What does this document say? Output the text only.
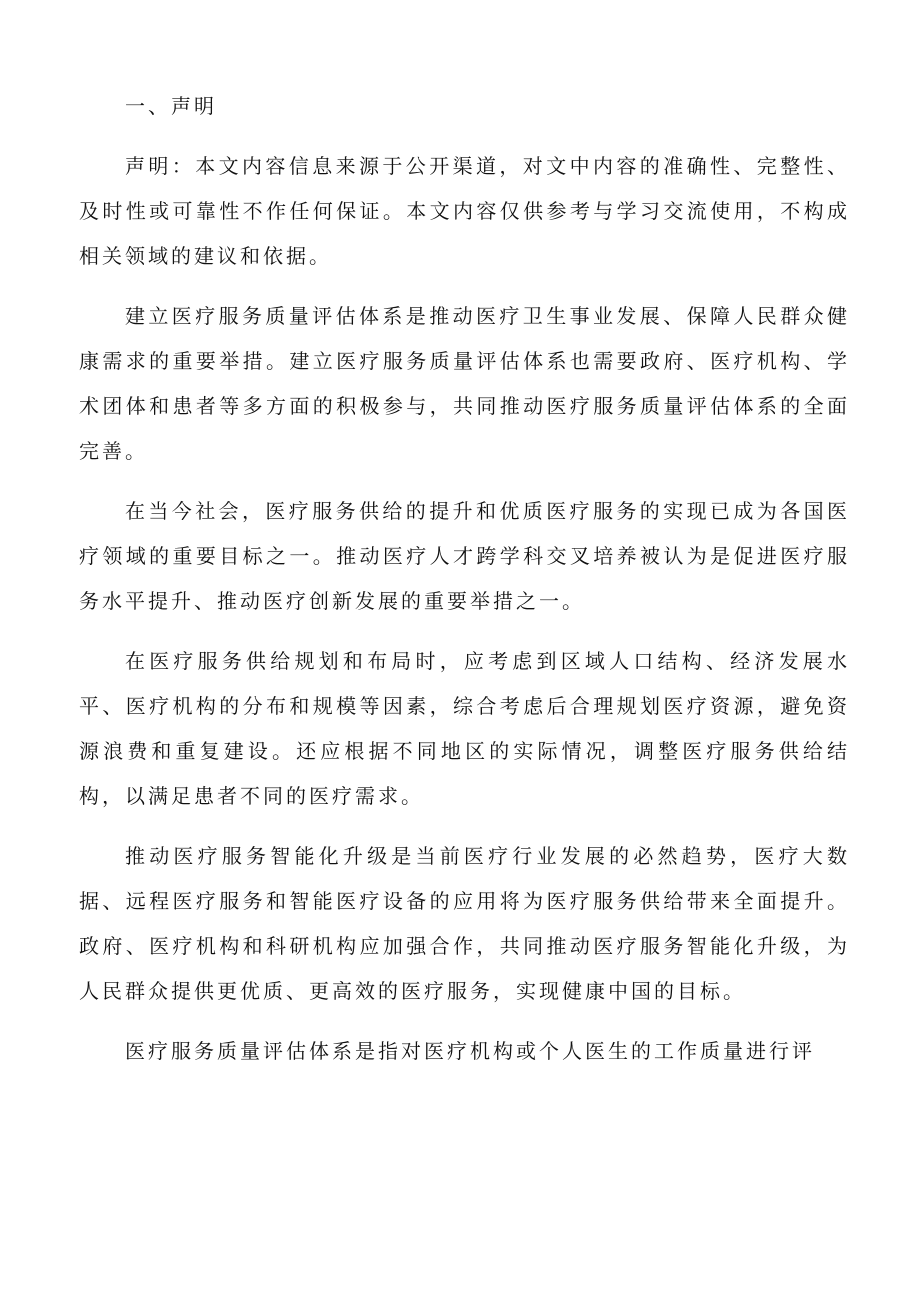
一、声明

声明：本文内容信息来源于公开渠道，对文中内容的准确性、完整性、及时性或可靠性不作任何保证。本文内容仅供参考与学习交流使用，不构成相关领域的建议和依据。

建立医疗服务质量评估体系是推动医疗卫生事业发展、保障人民群众健康需求的重要举措。建立医疗服务质量评估体系也需要政府、医疗机构、学术团体和患者等多方面的积极参与，共同推动医疗服务质量评估体系的全面完善。

在当今社会，医疗服务供给的提升和优质医疗服务的实现已成为各国医疗领域的重要目标之一。推动医疗人才跨学科交叉培养被认为是促进医疗服务水平提升、推动医疗创新发展的重要举措之一。

在医疗服务供给规划和布局时，应考虑到区域人口结构、经济发展水平、医疗机构的分布和规模等因素，综合考虑后合理规划医疗资源，避免资源浪费和重复建设。还应根据不同地区的实际情况，调整医疗服务供给结构，以满足患者不同的医疗需求。

推动医疗服务智能化升级是当前医疗行业发展的必然趋势，医疗大数据、远程医疗服务和智能医疗设备的应用将为医疗服务供给带来全面提升。政府、医疗机构和科研机构应加强合作，共同推动医疗服务智能化升级，为人民群众提供更优质、更高效的医疗服务，实现健康中国的目标。

医疗服务质量评估体系是指对医疗机构或个人医生的工作质量进行评
